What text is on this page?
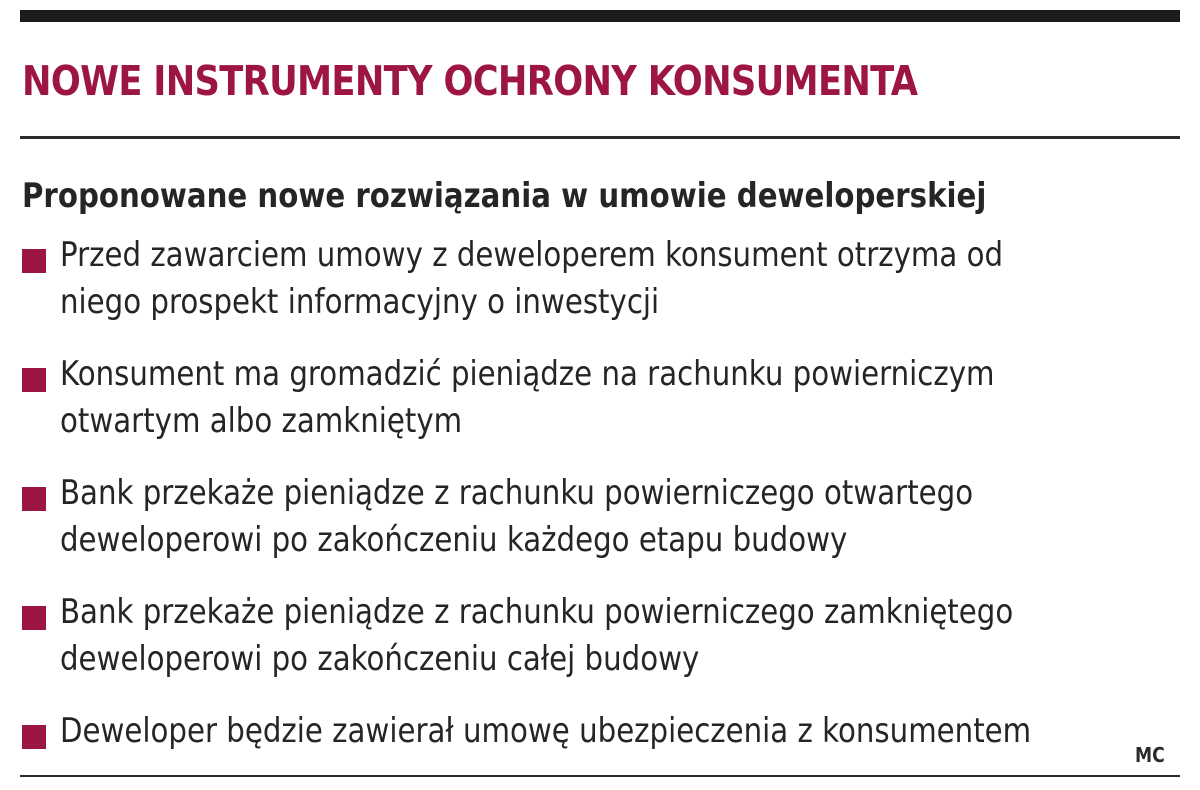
NOWE INSTRUMENTY OCHRONY KONSUMENTA
Proponowane nowe rozwiązania w umowie deweloperskiej

Przed zawarciem umowy z deweloperem konsument otrzyma od
niego prospekt informacyjny o inwestycji

Konsument ma gromadzić pieniądze na rachunku powierniczym
otwartym albo zamkniętym

Bank przekaże pieniądze z rachunku powierniczego otwartego
deweloperowi po zakończeniu każdego etapu budowy

Bank przekaże pieniądze z rachunku powierniczego zamkniętego
deweloperowi po zakończeniu całej budowy

Deweloper będzie zawierał umowę ubezpieczenia z konsumentem

MC
